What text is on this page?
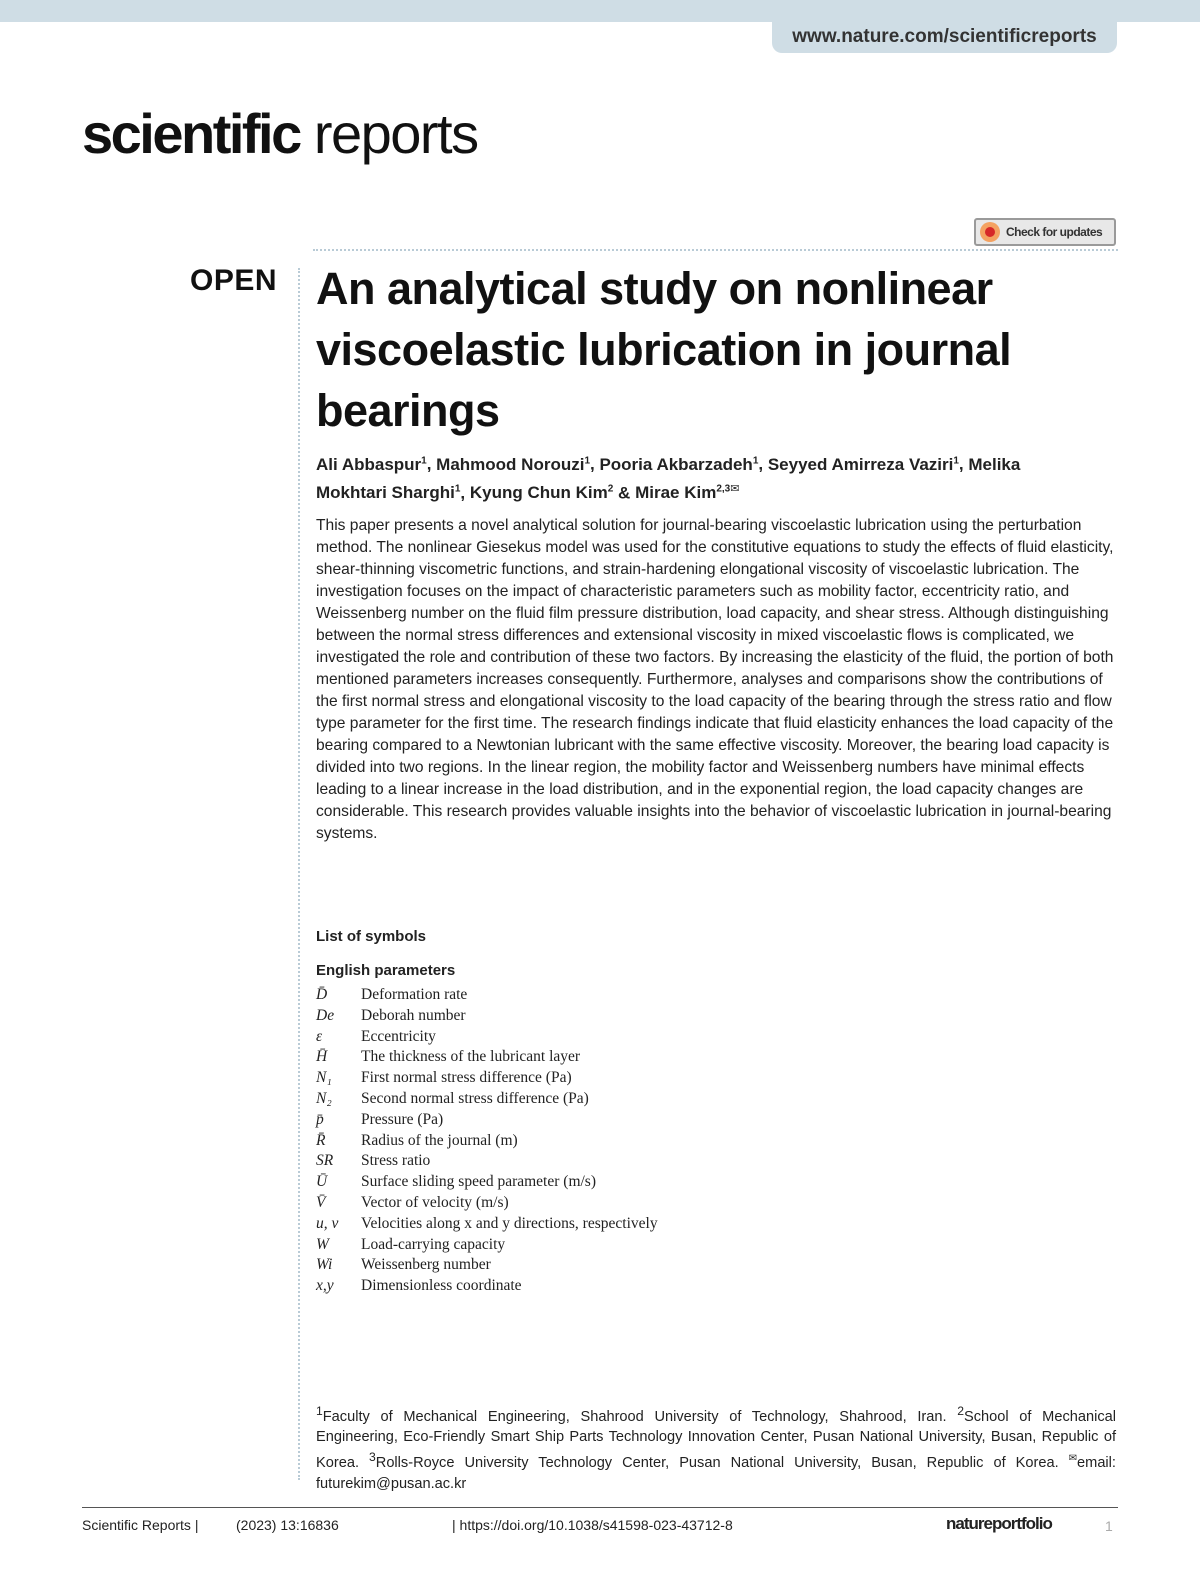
www.nature.com/scientificreports
scientific reports
Check for updates
OPEN An analytical study on nonlinear viscoelastic lubrication in journal bearings

Ali Abbaspur$^1$, Mahmood Norouzi$^1$, Pooria Akbarzadeh$^1$, Seyyed Amirreza Vaziri$^1$, Melika Mokhtari Sharghi$^1$, Kyung Chun Kim$^2$ & Mirae Kim$^{2,3✉}$

This paper presents a novel analytical solution for journal-bearing viscoelastic lubrication using the perturbation method. The nonlinear Giesekus model was used for the constitutive equations to study the effects of fluid elasticity, shear-thinning viscometric functions, and strain-hardening elongational viscosity of viscoelastic lubrication. The investigation focuses on the impact of characteristic parameters such as mobility factor, eccentricity ratio, and Weissenberg number on the fluid film pressure distribution, load capacity, and shear stress. Although distinguishing between the normal stress differences and extensional viscosity in mixed viscoelastic flows is complicated, we investigated the role and contribution of these two factors. By increasing the elasticity of the fluid, the portion of both mentioned parameters increases consequently. Furthermore, analyses and comparisons show the contributions of the first normal stress and elongational viscosity to the load capacity of the bearing through the stress ratio and flow type parameter for the first time. The research findings indicate that fluid elasticity enhances the load capacity of the bearing compared to a Newtonian lubricant with the same effective viscosity. Moreover, the bearing load capacity is divided into two regions. In the linear region, the mobility factor and Weissenberg numbers have minimal effects leading to a linear increase in the load distribution, and in the exponential region, the load capacity changes are considerable. This research provides valuable insights into the behavior of viscoelastic lubrication in journal-bearing systems.

List of symbols

English parameters

D̄	Deformation rate
De	Deborah number
ε	Eccentricity
H̄	The thickness of the lubricant layer
N₁	First normal stress difference (Pa)
N₂	Second normal stress difference (Pa)
p̄	Pressure (Pa)
R̄	Radius of the journal (m)
SR	Stress ratio
Ū	Surface sliding speed parameter (m/s)
V̄	Vector of velocity (m/s)
u, v	Velocities along x and y directions, respectively
W	Load-carrying capacity
Wi	Weissenberg number
x,y	Dimensionless coordinate

$^1$Faculty of Mechanical Engineering, Shahrood University of Technology, Shahrood, Iran. $^2$School of Mechanical Engineering, Eco-Friendly Smart Ship Parts Technology Innovation Center, Pusan National University, Busan, Republic of Korea. $^3$Rolls-Royce University Technology Center, Pusan National University, Busan, Republic of Korea. ✉email: futurekim@pusan.ac.kr

Scientific Reports |	(2023) 13:16836	| https://doi.org/10.1038/s41598-023-43712-8	natureportfolio	1
